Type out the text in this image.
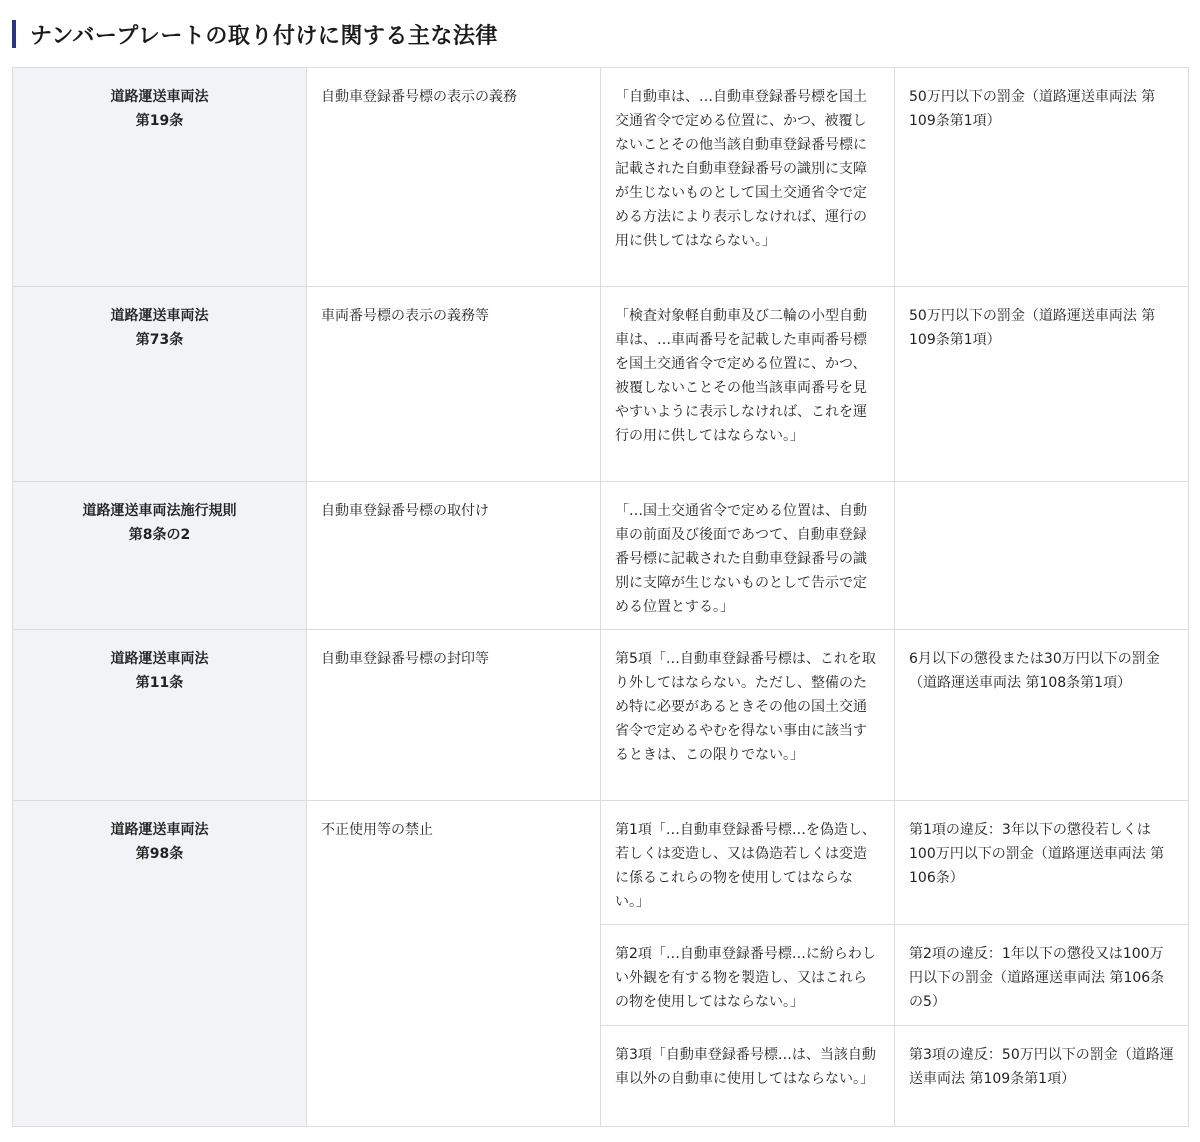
ナンバープレートの取り付けに関する主な法律
道路運送車両法
第19条	自動車登録番号標の表示の義務	「自動車は、…自動車登録番号標を国土交通省令で定める位置に、かつ、被覆しないことその他当該自動車登録番号標に記載された自動車登録番号の識別に支障が生じないものとして国土交通省令で定める方法により表示しなければ、運行の用に供してはならない。」	50万円以下の罰金（道路運送車両法 第109条第1項）

道路運送車両法
第73条	車両番号標の表示の義務等	「検査対象軽自動車及び二輪の小型自動車は、…車両番号を記載した車両番号標を国土交通省令で定める位置に、かつ、被覆しないことその他当該車両番号を見やすいように表示しなければ、これを運行の用に供してはならない。」	50万円以下の罰金（道路運送車両法 第109条第1項）

道路運送車両法施行規則
第8条の2	自動車登録番号標の取付け	「…国土交通省令で定める位置は、自動車の前面及び後面であつて、自動車登録番号標に記載された自動車登録番号の識別に支障が生じないものとして告示で定める位置とする。」	

道路運送車両法
第11条	自動車登録番号標の封印等	第5項「…自動車登録番号標は、これを取り外してはならない。ただし、整備のため特に必要があるときその他の国土交通省令で定めるやむを得ない事由に該当するときは、この限りでない。」	6月以下の懲役または30万円以下の罰金（道路運送車両法 第108条第1項）

道路運送車両法
第98条	不正使用等の禁止	第1項「…自動車登録番号標…を偽造し、若しくは変造し、又は偽造若しくは変造に係るこれらの物を使用してはならない。」	第1項の違反：3年以下の懲役若しくは100万円以下の罰金（道路運送車両法 第106条）
		第2項「…自動車登録番号標…に紛らわしい外観を有する物を製造し、又はこれらの物を使用してはならない。」	第2項の違反：1年以下の懲役又は100万円以下の罰金（道路運送車両法 第106条の5）
		第3項「自動車登録番号標…は、当該自動車以外の自動車に使用してはならない。」	第3項の違反：50万円以下の罰金（道路運送車両法 第109条第1項）
